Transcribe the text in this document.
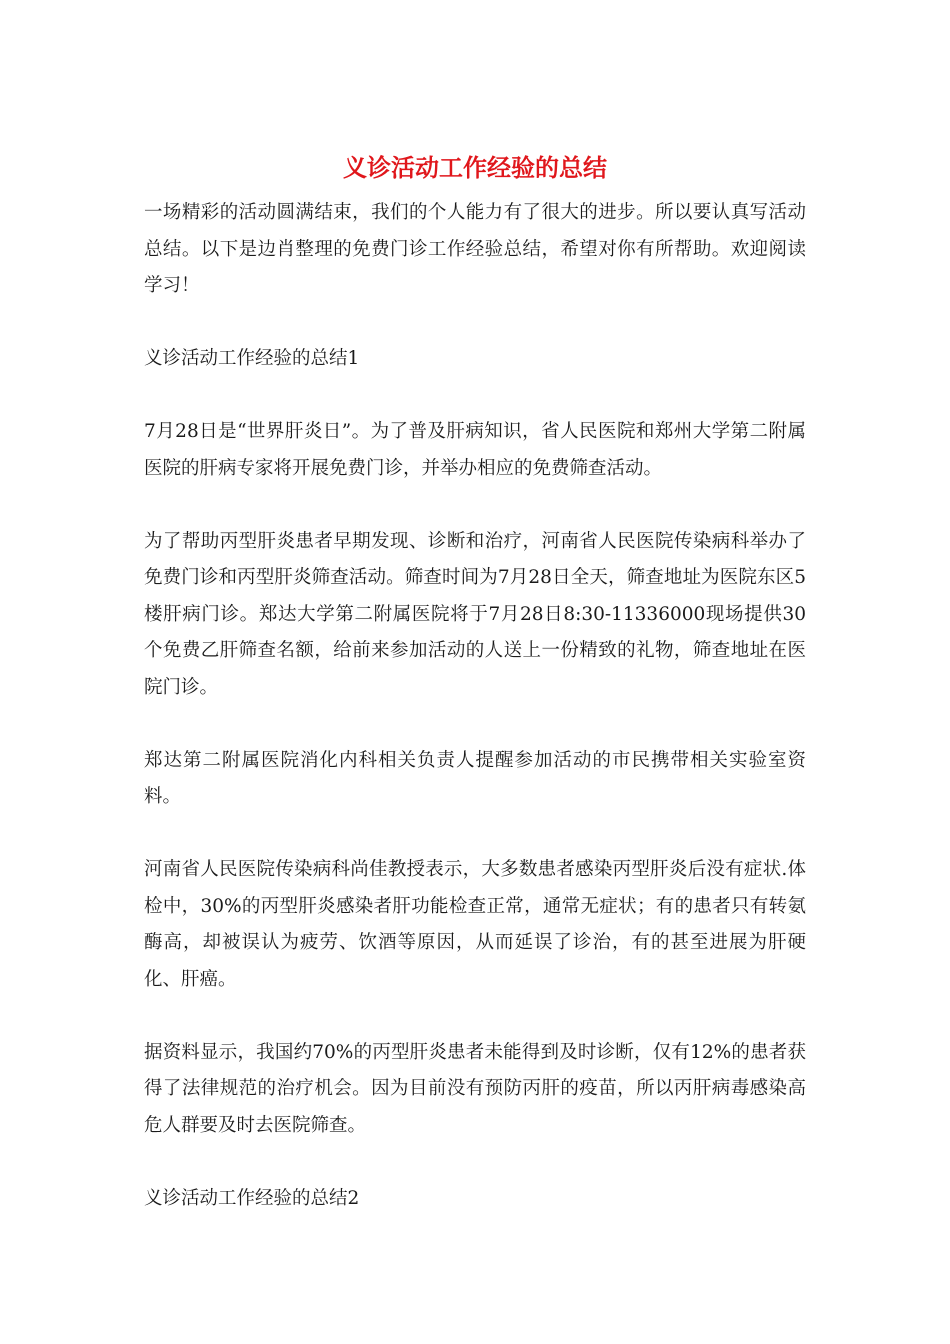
义诊活动工作经验的总结

一场精彩的活动圆满结束，我们的个人能力有了很大的进步。所以要认真写活动总结。以下是边肖整理的免费门诊工作经验总结，希望对你有所帮助。欢迎阅读学习！

义诊活动工作经验的总结1

7月28日是“世界肝炎日”。为了普及肝病知识，省人民医院和郑州大学第二附属医院的肝病专家将开展免费门诊，并举办相应的免费筛查活动。

为了帮助丙型肝炎患者早期发现、诊断和治疗，河南省人民医院传染病科举办了免费门诊和丙型肝炎筛查活动。筛查时间为7月28日全天，筛查地址为医院东区5楼肝病门诊。郑达大学第二附属医院将于7月28日8:30-11336000现场提供30个免费乙肝筛查名额，给前来参加活动的人送上一份精致的礼物，筛查地址在医院门诊。

郑达第二附属医院消化内科相关负责人提醒参加活动的市民携带相关实验室资料。

河南省人民医院传染病科尚佳教授表示，大多数患者感染丙型肝炎后没有症状.体检中，30%的丙型肝炎感染者肝功能检查正常，通常无症状；有的患者只有转氨酶高，却被误认为疲劳、饮酒等原因，从而延误了诊治，有的甚至进展为肝硬化、肝癌。

据资料显示，我国约70%的丙型肝炎患者未能得到及时诊断，仅有12%的患者获得了法律规范的治疗机会。因为目前没有预防丙肝的疫苗，所以丙肝病毒感染高危人群要及时去医院筛查。

义诊活动工作经验的总结2
